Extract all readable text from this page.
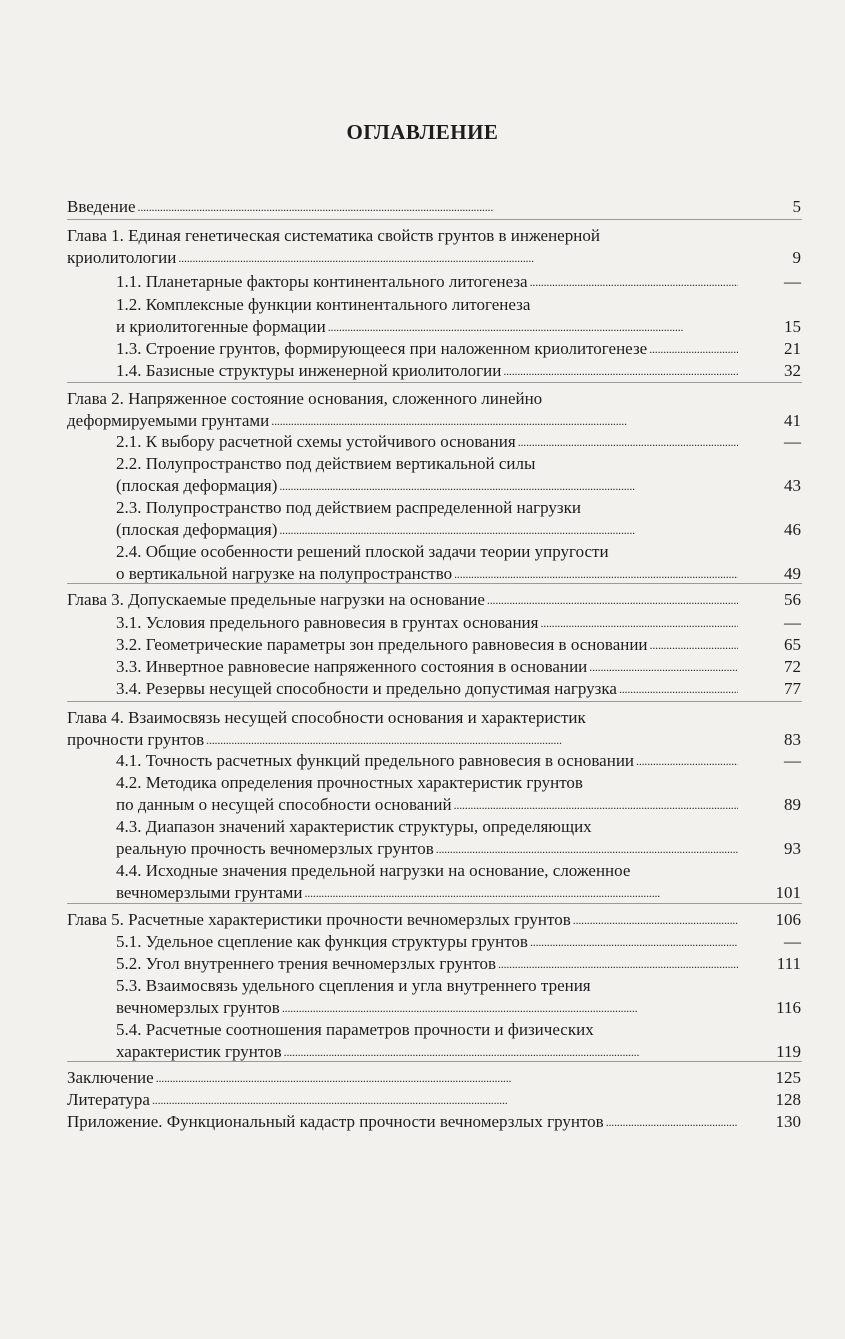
ОГЛАВЛЕНИЕ
Введение . . .	5
Глава 1. Единая генетическая систематика свойств грунтов в инженерной
криолитологии . . .	9
1.1. Планетарные факторы континентального литогенеза . . .	—
1.2. Комплексные функции континентального литогенеза
и криолитогенные формации . . .	15
1.3. Строение грунтов, формирующееся при наложенном криолитогенезе . . .	21
1.4. Базисные структуры инженерной криолитологии . . .	32
Глава 2. Напряженное состояние основания, сложенного линейно
деформируемыми грунтами . . .	41
2.1. К выбору расчетной схемы устойчивого основания . . .	—
2.2. Полупространство под действием вертикальной силы
(плоская деформация) . . .	43
2.3. Полупространство под действием распределенной нагрузки
(плоская деформация) . . .	46
2.4. Общие особенности решений плоской задачи теории упругости
о вертикальной нагрузке на полупространство . . .	49
Глава 3. Допускаемые предельные нагрузки на основание . . .	56
3.1. Условия предельного равновесия в грунтах основания . . .	—
3.2. Геометрические параметры зон предельного равновесия в основании . . .	65
3.3. Инвертное равновесие напряженного состояния в основании . . .	72
3.4. Резервы несущей способности и предельно допустимая нагрузка . . .	77
Глава 4. Взаимосвязь несущей способности основания и характеристик
прочности грунтов . . .	83
4.1. Точность расчетных функций предельного равновесия в основании . . .	—
4.2. Методика определения прочностных характеристик грунтов
по данным о несущей способности оснований . . .	89
4.3. Диапазон значений характеристик структуры, определяющих
реальную прочность вечномерзлых грунтов . . .	93
4.4. Исходные значения предельной нагрузки на основание, сложенное
вечномерзлыми грунтами . . .	101
Глава 5. Расчетные характеристики прочности вечномерзлых грунтов . . .	106
5.1. Удельное сцепление как функция структуры грунтов . . .	—
5.2. Угол внутреннего трения вечномерзлых грунтов . . .	111
5.3. Взаимосвязь удельного сцепления и угла внутреннего трения
вечномерзлых грунтов . . .	116
5.4. Расчетные соотношения параметров прочности и физических
характеристик грунтов . . .	119
Заключение . . .	125
Литература . . .	128
Приложение. Функциональный кадастр прочности вечномерзлых грунтов . . .	130
